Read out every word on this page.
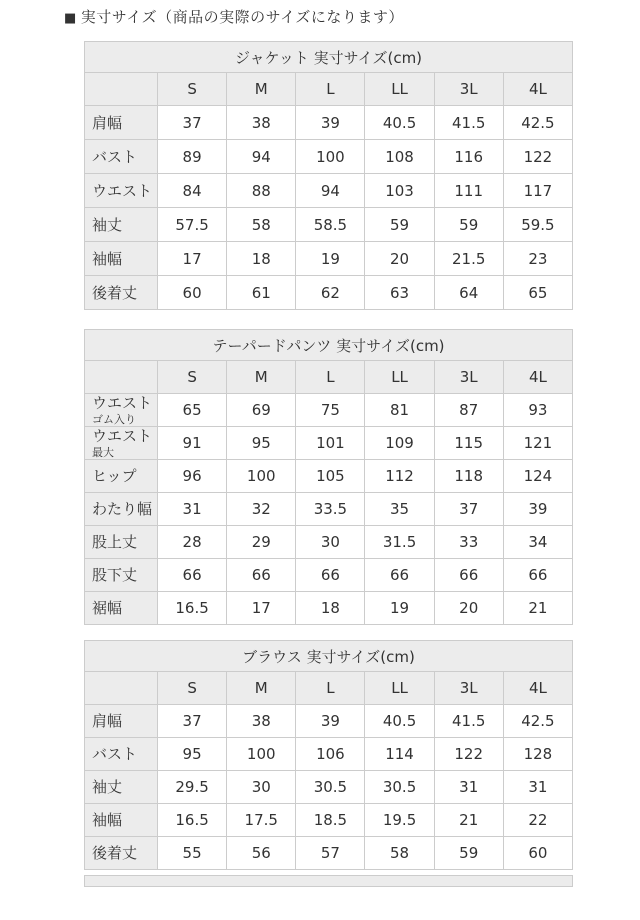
■ 実寸サイズ（商品の実際のサイズになります）
ジャケット 実寸サイズ(cm)						
	S	M	L	LL	3L	4L

肩幅	37	38	39	40.5	41.5	42.5

バスト	89	94	100	108	116	122

ウエスト	84	88	94	103	111	117

袖丈	57.5	58	58.5	59	59	59.5

袖幅	17	18	19	20	21.5	23

後着丈	60	61	62	63	64	65
テーパードパンツ 実寸サイズ(cm)						
	S	M	L	LL	3L	4L

ウエスト
ゴム入り	65	69	75	81	87	93

ウエスト
最大	91	95	101	109	115	121

ヒップ	96	100	105	112	118	124

わたり幅	31	32	33.5	35	37	39

股上丈	28	29	30	31.5	33	34

股下丈	66	66	66	66	66	66

裾幅	16.5	17	18	19	20	21
ブラウス 実寸サイズ(cm)						
	S	M	L	LL	3L	4L

肩幅	37	38	39	40.5	41.5	42.5

バスト	95	100	106	114	122	128

袖丈	29.5	30	30.5	30.5	31	31

袖幅	16.5	17.5	18.5	19.5	21	22

後着丈	55	56	57	58	59	60
